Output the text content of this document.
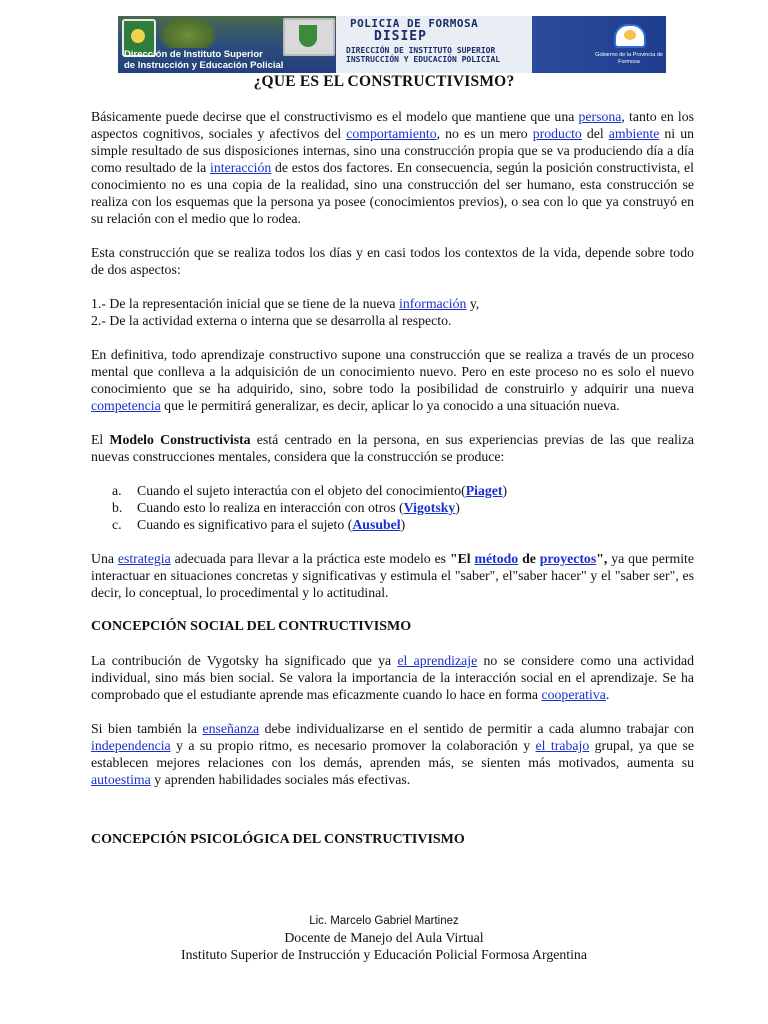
Dirección de Instituto Superior
de Instrucción y Educación Policial
POLICIA DE FORMOSA
DISIEP
DIRECCIÓN DE INSTITUTO SUPERIOR INSTRUCCIÓN Y EDUCACIÓN POLICIAL	Gobierno de la Provincia de Formosa
¿QUE ES EL CONSTRUCTIVISMO?

Básicamente puede decirse que el constructivismo es el modelo que mantiene que una persona, tanto en los aspectos cognitivos, sociales y afectivos del comportamiento, no es un mero producto del ambiente ni un simple resultado de sus disposiciones internas, sino una construcción propia que se va produciendo día a día como resultado de la interacción de estos dos factores. En consecuencia, según la posición constructivista, el conocimiento no es una copia de la realidad, sino una construcción del ser humano, esta construcción se realiza con los esquemas que la persona ya posee (conocimientos previos), o sea con lo que ya construyó en su relación con el medio que lo rodea.

Esta construcción que se realiza todos los días y en casi todos los contextos de la vida, depende sobre todo de dos aspectos:

1.- De la representación inicial que se tiene de la nueva información y,
2.- De la actividad externa o interna que se desarrolla al respecto.

En definitiva, todo aprendizaje constructivo supone una construcción que se realiza a través de un proceso mental que conlleva a la adquisición de un conocimiento nuevo. Pero en este proceso no es solo el nuevo conocimiento que se ha adquirido, sino, sobre todo la posibilidad de construirlo y adquirir una nueva competencia que le permitirá generalizar, es decir, aplicar lo ya conocido a una situación nueva.

El Modelo Constructivista está centrado en la persona, en sus experiencias previas de las que realiza nuevas construcciones mentales, considera que la construcción se produce:

a. Cuando el sujeto interactúa con el objeto del conocimiento(Piaget)
b. Cuando esto lo realiza en interacción con otros (Vigotsky)
c. Cuando es significativo para el sujeto (Ausubel)

Una estrategia adecuada para llevar a la práctica este modelo es "El método de proyectos", ya que permite interactuar en situaciones concretas y significativas y estimula el "saber", el"saber hacer" y el "saber ser", es decir, lo conceptual, lo procedimental y lo actitudinal.

CONCEPCIÓN SOCIAL DEL CONTRUCTIVISMO

La contribución de Vygotsky ha significado que ya el aprendizaje no se considere como una actividad individual, sino más bien social. Se valora la importancia de la interacción social en el aprendizaje. Se ha comprobado que el estudiante aprende mas eficazmente cuando lo hace en forma cooperativa.

Si bien también la enseñanza debe individualizarse en el sentido de permitir a cada alumno trabajar con independencia y a su propio ritmo, es necesario promover la colaboración y el trabajo grupal, ya que se establecen mejores relaciones con los demás, aprenden más, se sienten más motivados, aumenta su autoestima y aprenden habilidades sociales más efectivas.

CONCEPCIÓN PSICOLÓGICA DEL CONSTRUCTIVISMO
Lic. Marcelo Gabriel Martinez
Docente de Manejo del Aula Virtual
Instituto Superior de Instrucción y Educación Policial Formosa Argentina
